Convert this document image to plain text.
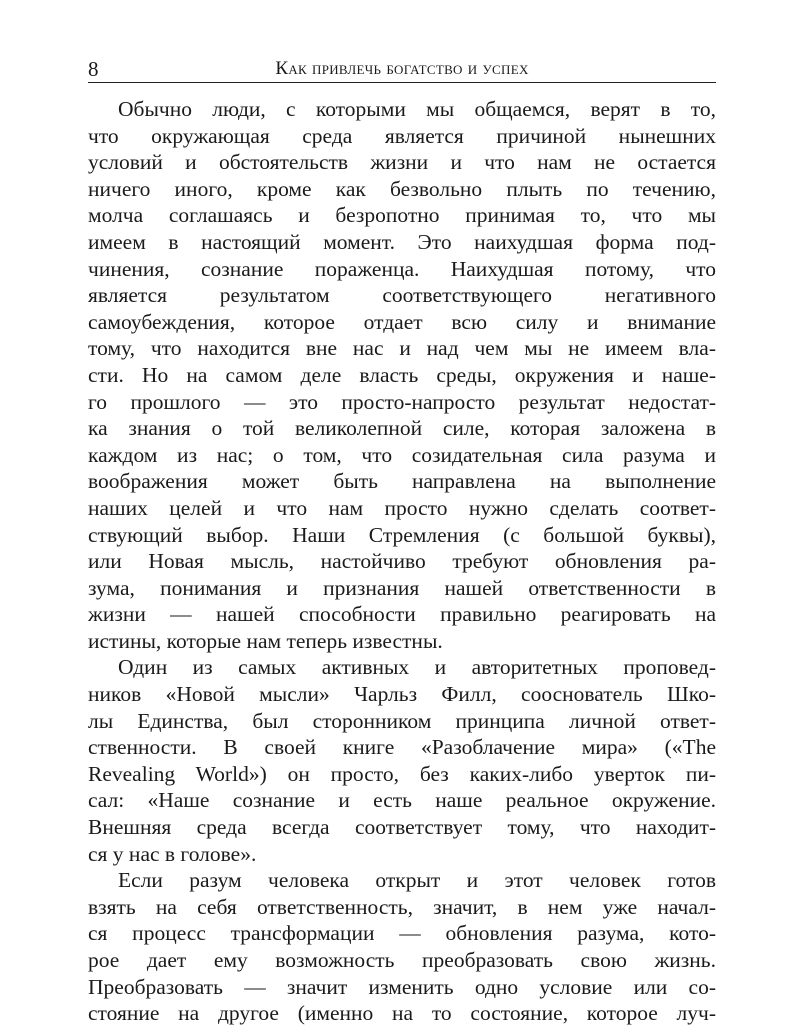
8	Как привлечь богатство и успех
Обычно люди, с которыми мы общаемся, верят в то,
что окружающая среда является причиной нынешних
условий и обстоятельств жизни и что нам не остается
ничего иного, кроме как безвольно плыть по течению,
молча соглашаясь и безропотно принимая то, что мы
имеем в настоящий момент. Это наихудшая форма под-
чинения, сознание пораженца. Наихудшая потому, что
является результатом соответствующего негативного
самоубеждения, которое отдает всю силу и внимание
тому, что находится вне нас и над чем мы не имеем вла-
сти. Но на самом деле власть среды, окружения и наше-
го прошлого — это просто-напросто результат недостат-
ка знания о той великолепной силе, которая заложена в
каждом из нас; о том, что созидательная сила разума и
воображения может быть направлена на выполнение
наших целей и что нам просто нужно сделать соответ-
ствующий выбор. Наши Стремления (с большой буквы),
или Новая мысль, настойчиво требуют обновления ра-
зума, понимания и признания нашей ответственности в
жизни — нашей способности правильно реагировать на
истины, которые нам теперь известны.
Один из самых активных и авторитетных проповед-
ников «Новой мысли» Чарльз Филл, сооснователь Шко-
лы Единства, был сторонником принципа личной ответ-
ственности. В своей книге «Разоблачение мира» («The
Revealing World») он просто, без каких-либо уверток пи-
сал: «Наше сознание и есть наше реальное окружение.
Внешняя среда всегда соответствует тому, что находит-
ся у нас в голове».
Если разум человека открыт и этот человек готов
взять на себя ответственность, значит, в нем уже начал-
ся процесс трансформации — обновления разума, кото-
рое дает ему возможность преобразовать свою жизнь.
Преобразовать — значит изменить одно условие или со-
стояние на другое (именно на то состояние, которое луч-
